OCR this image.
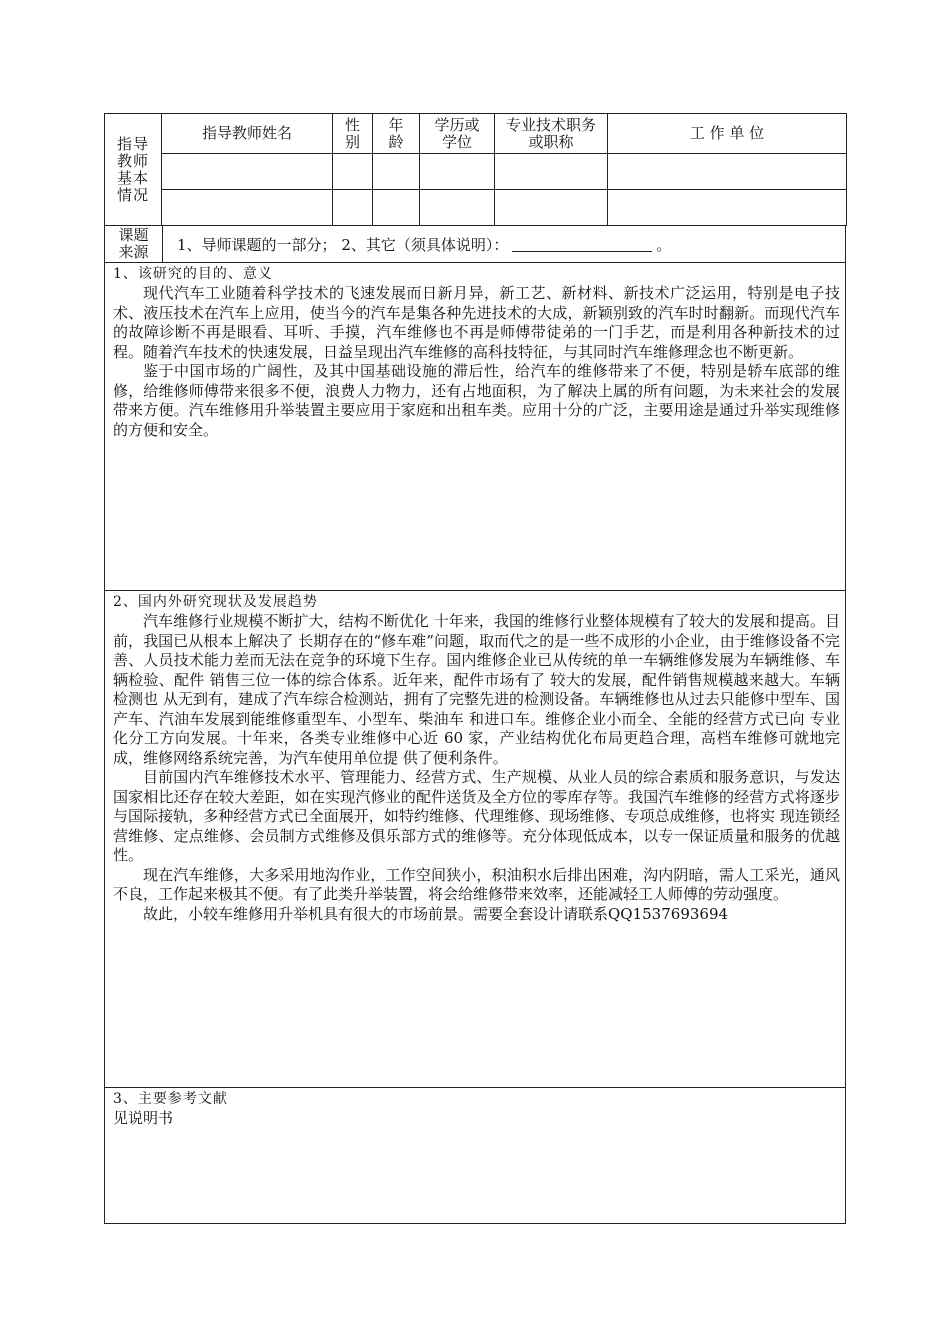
指导教师基本情况	指导教师姓名	性别	年龄	学历或学位	专业技术职务或职称	工 作 单 位

课题来源 1、导师课题的一部分； 2、其它（须具体说明）：	。
1、该研究的目的、意义

现代汽车工业随着科学技术的飞速发展而日新月异，新工艺、新材料、新技术广泛运用，特别是电子技术、液压技术在汽车上应用，使当今的汽车是集各种先进技术的大成，新颖别致的汽车时时翻新。而现代汽车的故障诊断不再是眼看、耳听、手摸，汽车维修也不再是师傅带徒弟的一门手艺，而是利用各种新技术的过程。随着汽车技术的快速发展，日益呈现出汽车维修的高科技特征，与其同时汽车维修理念也不断更新。

鉴于中国市场的广阔性，及其中国基础设施的滞后性，给汽车的维修带来了不便，特别是轿车底部的维修，给维修师傅带来很多不便，浪费人力物力，还有占地面积，为了解决上属的所有问题，为未来社会的发展带来方便。汽车维修用升举装置主要应用于家庭和出租车类。应用十分的广泛，主要用途是通过升举实现维修的方便和安全。

2、国内外研究现状及发展趋势

汽车维修行业规模不断扩大，结构不断优化 十年来，我国的维修行业整体规模有了较大的发展和提高。目前，我国已从根本上解决了 长期存在的“修车难”问题，取而代之的是一些不成形的小企业，由于维修设备不完善、人员技术能力差而无法在竞争的环境下生存。国内维修企业已从传统的单一车辆维修发展为车辆维修、车辆检验、配件 销售三位一体的综合体系。近年来，配件市场有了 较大的发展，配件销售规模越来越大。车辆检测也 从无到有，建成了汽车综合检测站，拥有了完整先进的检测设备。车辆维修也从过去只能修中型车、国产车、汽油车发展到能维修重型车、小型车、柴油车 和进口车。维修企业小而全、全能的经营方式已向 专业化分工方向发展。十年来，各类专业维修中心近 60 家，产业结构优化布局更趋合理，高档车维修可就地完成，维修网络系统完善，为汽车使用单位提 供了便利条件。

目前国内汽车维修技术水平、管理能力、经营方式、生产规模、从业人员的综合素质和服务意识，与发达国家相比还存在较大差距，如在实现汽修业的配件送货及全方位的零库存等。我国汽车维修的经营方式将逐步与国际接轨，多种经营方式已全面展开，如特约维修、代理维修、现场维修、专项总成维修，也将实 现连锁经营维修、定点维修、会员制方式维修及俱乐部方式的维修等。充分体现低成本，以专一保证质量和服务的优越性。

现在汽车维修，大多采用地沟作业，工作空间狭小，积油积水后排出困难，沟内阴暗，需人工采光，通风不良，工作起来极其不便。有了此类升举装置，将会给维修带来效率，还能减轻工人师傅的劳动强度。

故此，小较车维修用升举机具有很大的市场前景。需要全套设计请联系QQ1537693694

3、主要参考文献

见说明书
